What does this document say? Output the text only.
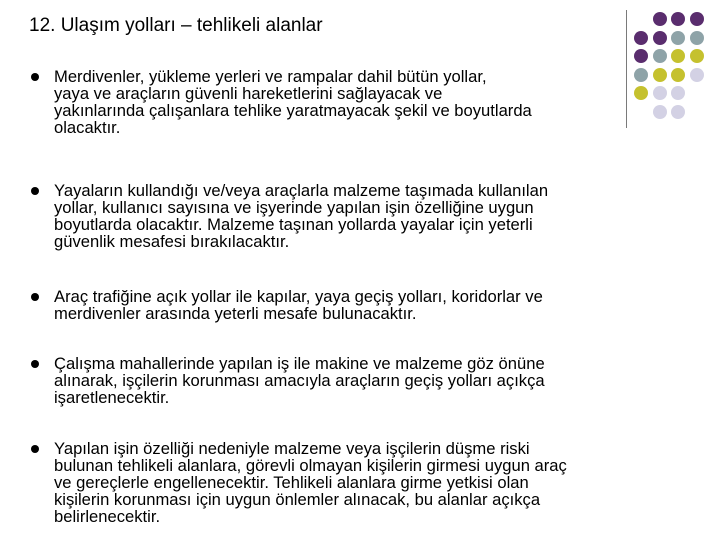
12. Ulaşım yolları – tehlikeli alanlar
Merdivenler, yükleme yerleri ve rampalar dahil bütün yollar,
yaya ve araçların güvenli hareketlerini sağlayacak ve
yakınlarında çalışanlara tehlike yaratmayacak şekil ve boyutlarda
olacaktır.
Yayaların kullandığı ve/veya araçlarla malzeme taşımada kullanılan
yollar, kullanıcı sayısına ve işyerinde yapılan işin özelliğine uygun
boyutlarda olacaktır. Malzeme taşınan yollarda yayalar için yeterli
güvenlik mesafesi bırakılacaktır.
Araç trafiğine açık yollar ile kapılar, yaya geçiş yolları, koridorlar ve
merdivenler arasında yeterli mesafe bulunacaktır.
Çalışma mahallerinde yapılan iş ile makine ve malzeme göz önüne
alınarak, işçilerin korunması amacıyla araçların geçiş yolları açıkça
işaretlenecektir.
Yapılan işin özelliği nedeniyle malzeme veya işçilerin düşme riski
bulunan tehlikeli alanlara, görevli olmayan kişilerin girmesi uygun araç
ve gereçlerle engellenecektir. Tehlikeli alanlara girme yetkisi olan
kişilerin korunması için uygun önlemler alınacak, bu alanlar açıkça
belirlenecektir.
